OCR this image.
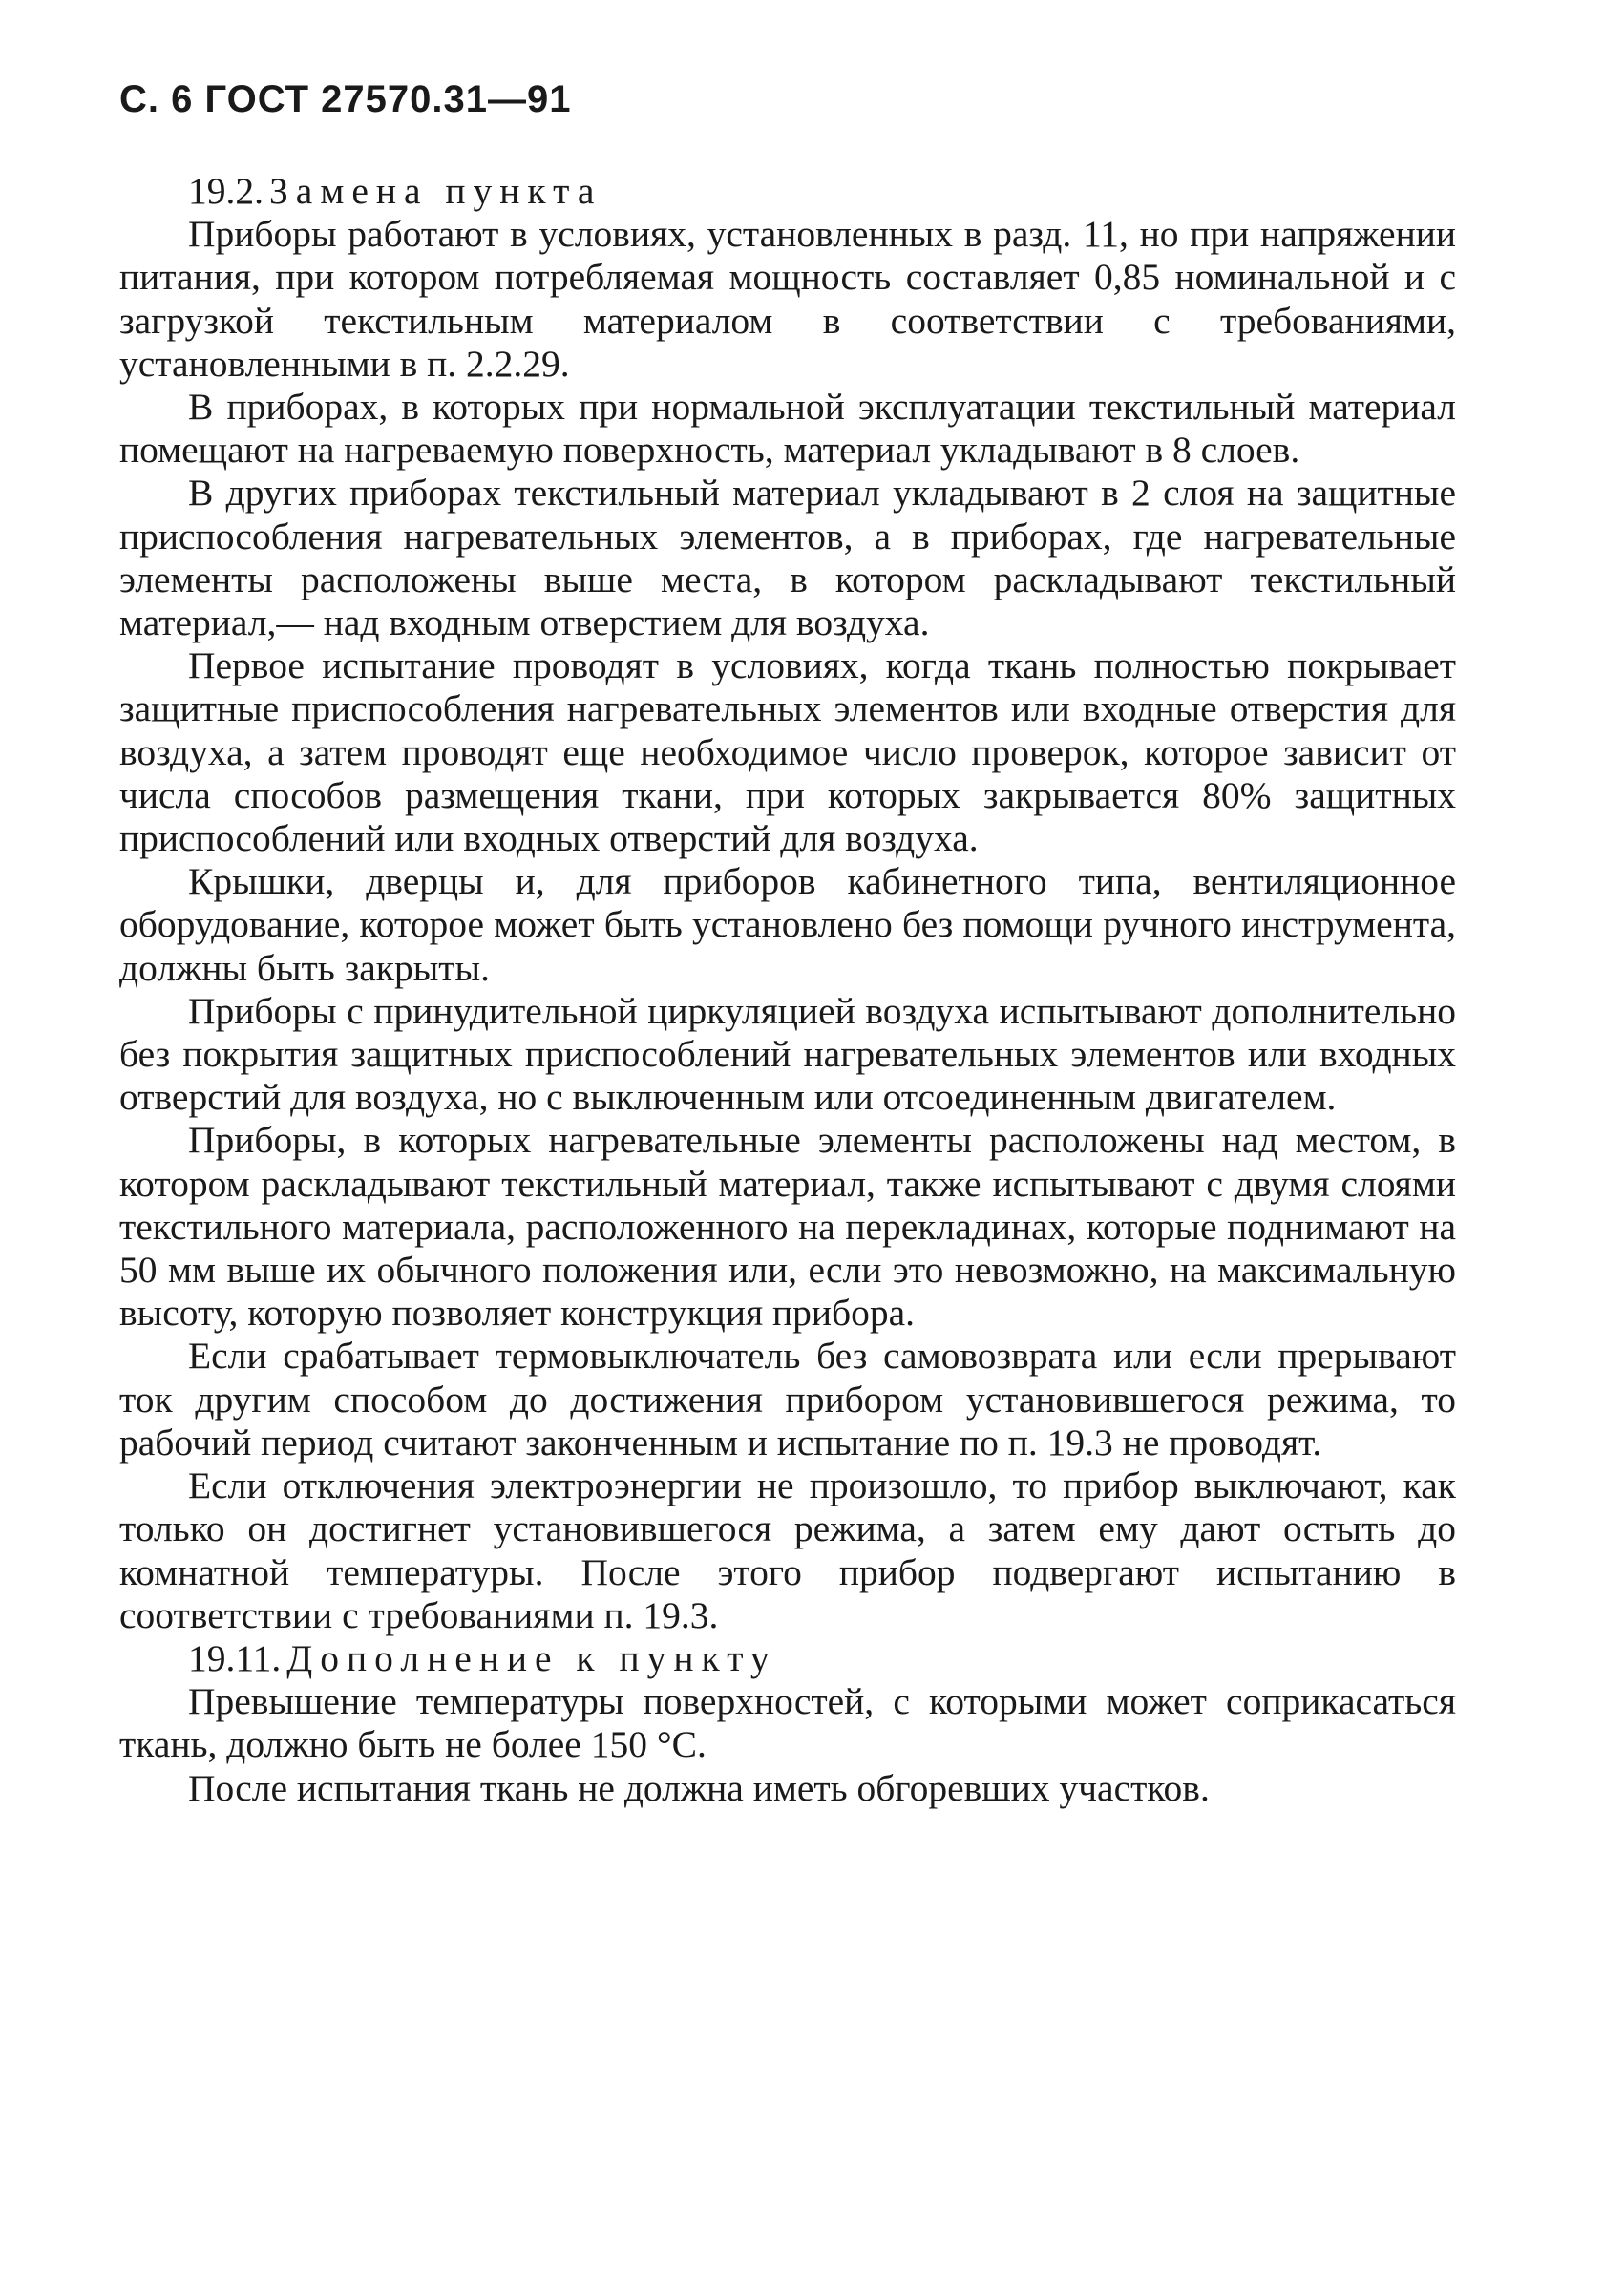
С. 6 ГОСТ 27570.31—91

19.2. Замена пункта

Приборы работают в условиях, установленных в разд. 11, но при напряжении питания, при котором потребляемая мощность составляет 0,85 номинальной и с загрузкой текстильным материалом в соответствии с требованиями, установленными в п. 2.2.29.

В приборах, в которых при нормальной эксплуатации текстильный материал помещают на нагреваемую поверхность, материал укладывают в 8 слоев.

В других приборах текстильный материал укладывают в 2 слоя на защитные приспособления нагревательных элементов, а в приборах, где нагревательные элементы расположены выше места, в котором раскладывают текстильный материал,— над входным отверстием для воздуха.

Первое испытание проводят в условиях, когда ткань полностью покрывает защитные приспособления нагревательных элементов или входные отверстия для воздуха, а затем проводят еще необходимое число проверок, которое зависит от числа способов размещения ткани, при которых закрывается 80% защитных приспособлений или входных отверстий для воздуха.

Крышки, дверцы и, для приборов кабинетного типа, вентиляционное оборудование, которое может быть установлено без помощи ручного инструмента, должны быть закрыты.

Приборы с принудительной циркуляцией воздуха испытывают дополнительно без покрытия защитных приспособлений нагревательных элементов или входных отверстий для воздуха, но с выключенным или отсоединенным двигателем.

Приборы, в которых нагревательные элементы расположены над местом, в котором раскладывают текстильный материал, также испытывают с двумя слоями текстильного материала, расположенного на перекладинах, которые поднимают на 50 мм выше их обычного положения или, если это невозможно, на максимальную высоту, которую позволяет конструкция прибора.

Если срабатывает термовыключатель без самовозврата или если прерывают ток другим способом до достижения прибором установившегося режима, то рабочий период считают законченным и испытание по п. 19.3 не проводят.

Если отключения электроэнергии не произошло, то прибор выключают, как только он достигнет установившегося режима, а затем ему дают остыть до комнатной температуры. После этого прибор подвергают испытанию в соответствии с требованиями п. 19.3.

19.11. Дополнение к пункту

Превышение температуры поверхностей, с которыми может соприкасаться ткань, должно быть не более 150 °С.

После испытания ткань не должна иметь обгоревших участков.
